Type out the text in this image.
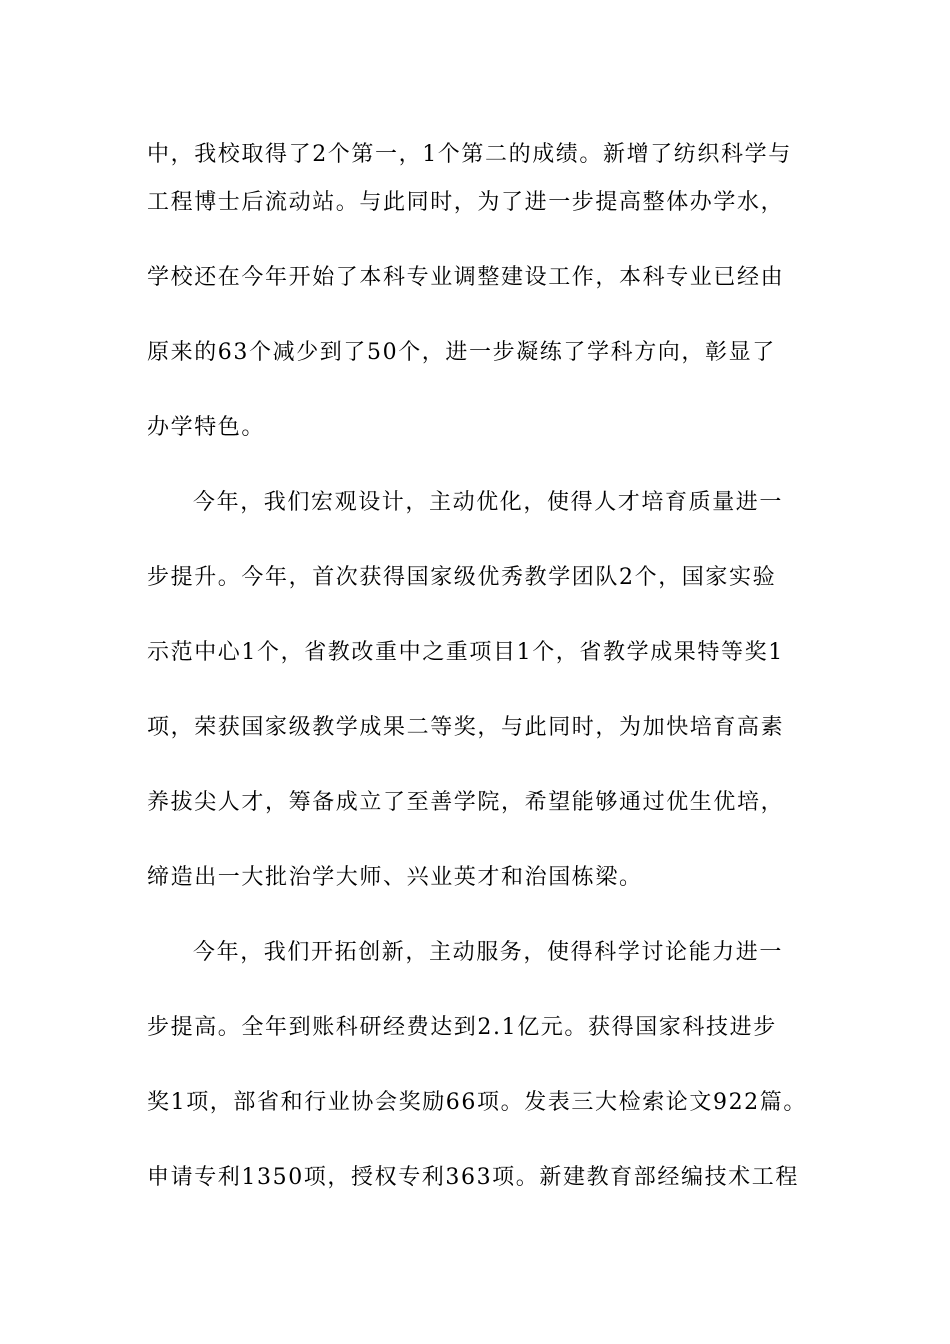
中，我校取得了2个第一，1个第二的成绩。新增了纺织科学与
工程博士后流动站。与此同时，为了进一步提高整体办学水，
学校还在今年开始了本科专业调整建设工作，本科专业已经由
原来的63个减少到了50个，进一步凝练了学科方向，彰显了
办学特色。
今年，我们宏观设计，主动优化，使得人才培育质量进一
步提升。今年，首次获得国家级优秀教学团队2个，国家实验
示范中心1个，省教改重中之重项目1个，省教学成果特等奖1
项，荣获国家级教学成果二等奖，与此同时，为加快培育高素
养拔尖人才，筹备成立了至善学院，希望能够通过优生优培，
缔造出一大批治学大师、兴业英才和治国栋梁。
今年，我们开拓创新，主动服务，使得科学讨论能力进一
步提高。全年到账科研经费达到2.1亿元。获得国家科技进步
奖1项，部省和行业协会奖励66项。发表三大检索论文922篇。
申请专利1350项，授权专利363项。新建教育部经编技术工程
